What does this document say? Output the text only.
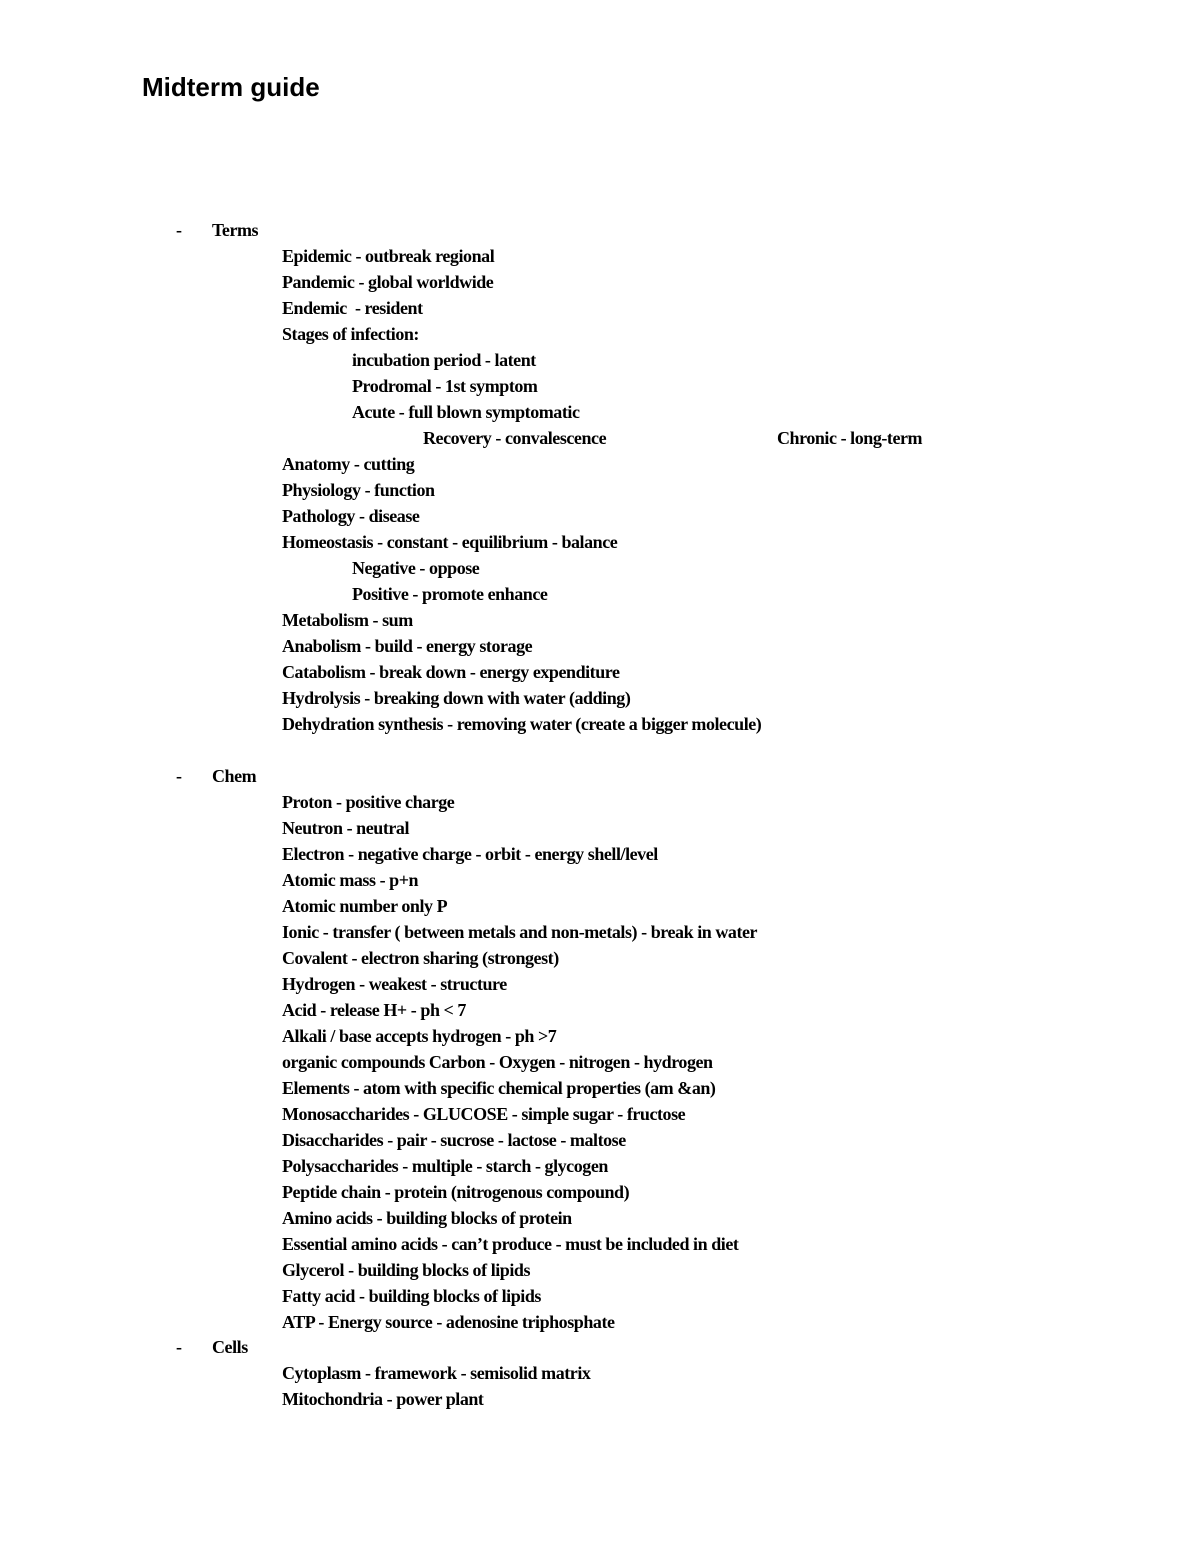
Midterm guide
- Terms
Epidemic - outbreak regional
Pandemic - global worldwide
Endemic  - resident
Stages of infection:
incubation period - latent
Prodromal - 1st symptom
Acute - full blown symptomatic
Recovery - convalescence	Chronic - long-term
Anatomy - cutting
Physiology - function
Pathology - disease
Homeostasis - constant - equilibrium - balance
Negative - oppose
Positive - promote enhance
Metabolism - sum
Anabolism - build - energy storage
Catabolism - break down - energy expenditure
Hydrolysis - breaking down with water (adding)
Dehydration synthesis - removing water (create a bigger molecule)
- Chem
Proton - positive charge
Neutron - neutral
Electron - negative charge - orbit - energy shell/level
Atomic mass - p+n
Atomic number only P
Ionic - transfer ( between metals and non-metals) - break in water
Covalent - electron sharing (strongest)
Hydrogen - weakest - structure
Acid - release H+ - ph < 7
Alkali / base accepts hydrogen - ph >7
organic compounds Carbon - Oxygen - nitrogen - hydrogen
Elements - atom with specific chemical properties (am &an)
Monosaccharides - GLUCOSE - simple sugar - fructose
Disaccharides - pair - sucrose - lactose - maltose
Polysaccharides - multiple - starch - glycogen
Peptide chain - protein (nitrogenous compound)
Amino acids - building blocks of protein
Essential amino acids - can’t produce - must be included in diet
Glycerol - building blocks of lipids
Fatty acid - building blocks of lipids
ATP - Energy source - adenosine triphosphate
- Cells
Cytoplasm - framework - semisolid matrix
Mitochondria - power plant
